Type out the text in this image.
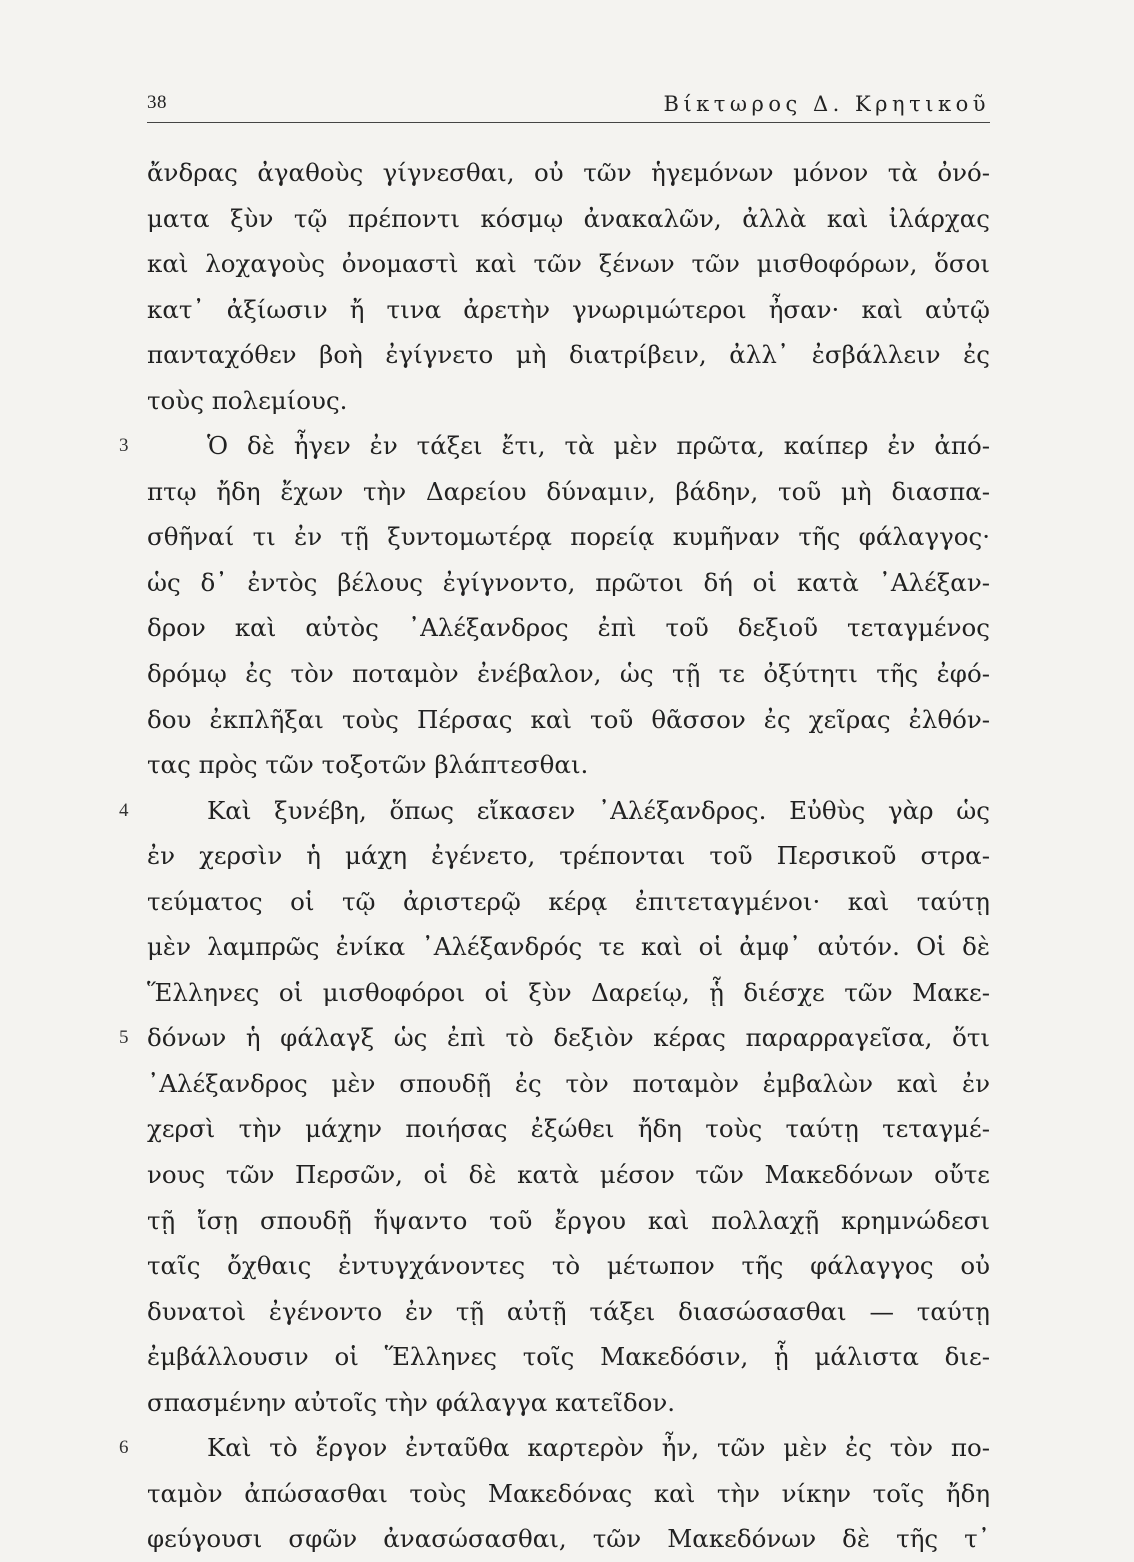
38	Βίκτωρος Δ. Κρητικοῦ
ἄνδρας ἀγαθοὺς γίγνεσθαι, οὐ τῶν ἡγεμόνων μόνον τὰ ὀνό-
ματα ξὺν τῷ πρέποντι κόσμῳ ἀνακαλῶν, ἀλλὰ καὶ ἰλάρχας
καὶ λοχαγοὺς ὀνομαστὶ καὶ τῶν ξένων τῶν μισθοφόρων, ὅσοι
κατ᾽ ἀξίωσιν ἤ τινα ἀρετὴν γνωριμώτεροι ἦσαν· καὶ αὐτῷ
πανταχόθεν βοὴ ἐγίγνετο μὴ διατρίβειν, ἀλλ᾽ ἐσβάλλειν ἐς
τοὺς πολεμίους.
3	Ὁ δὲ ἦγεν ἐν τάξει ἔτι, τὰ μὲν πρῶτα, καίπερ ἐν ἀπό-
πτῳ ἤδη ἔχων τὴν Δαρείου δύναμιν, βάδην, τοῦ μὴ διασπα-
σθῆναί τι ἐν τῇ ξυντομωτέρᾳ πορείᾳ κυμῆναν τῆς φάλαγγος·
ὡς δ᾽ ἐντὸς βέλους ἐγίγνοντο, πρῶτοι δή οἱ κατὰ ᾿Αλέξαν-
δρον καὶ αὐτὸς ᾿Αλέξανδρος ἐπὶ τοῦ δεξιοῦ τεταγμένος
δρόμῳ ἐς τὸν ποταμὸν ἐνέβαλον, ὡς τῇ τε ὀξύτητι τῆς ἐφό-
δου ἐκπλῆξαι τοὺς Πέρσας καὶ τοῦ θᾶσσον ἐς χεῖρας ἐλθόν-
τας πρὸς τῶν τοξοτῶν βλάπτεσθαι.
4	Καὶ ξυνέβη, ὅπως εἴκασεν ᾿Αλέξανδρος. Εὐθὺς γὰρ ὡς
ἐν χερσὶν ἡ μάχη ἐγένετο, τρέπονται τοῦ Περσικοῦ στρα-
τεύματος οἱ τῷ ἀριστερῷ κέρᾳ ἐπιτεταγμένοι· καὶ ταύτῃ
μὲν λαμπρῶς ἐνίκα ᾿Αλέξανδρός τε καὶ οἱ ἀμφ᾽ αὐτόν. Οἱ δὲ
Ἕλληνες οἱ μισθοφόροι οἱ ξὺν Δαρείῳ, ᾗ διέσχε τῶν Μακε-
5 δόνων ἡ φάλαγξ ὡς ἐπὶ τὸ δεξιὸν κέρας παραρραγεῖσα, ὅτι
᾿Αλέξανδρος μὲν σπουδῇ ἐς τὸν ποταμὸν ἐμβαλὼν καὶ ἐν
χερσὶ τὴν μάχην ποιήσας ἐξώθει ἤδη τοὺς ταύτῃ τεταγμέ-
νους τῶν Περσῶν, οἱ δὲ κατὰ μέσον τῶν Μακεδόνων οὔτε
τῇ ἴσῃ σπουδῇ ἥψαντο τοῦ ἔργου καὶ πολλαχῇ κρημνώδεσι
ταῖς ὄχθαις ἐντυγχάνοντες τὸ μέτωπον τῆς φάλαγγος οὐ
δυνατοὶ ἐγένοντο ἐν τῇ αὐτῇ τάξει διασώσασθαι — ταύτῃ
ἐμβάλλουσιν οἱ Ἕλληνες τοῖς Μακεδόσιν, ᾗ μάλιστα διε-
σπασμένην αὐτοῖς τὴν φάλαγγα κατεῖδον.
6	Καὶ τὸ ἔργον ἐνταῦθα καρτερὸν ἦν, τῶν μὲν ἐς τὸν πο-
ταμὸν ἀπώσασθαι τοὺς Μακεδόνας καὶ τὴν νίκην τοῖς ἤδη
φεύγουσι σφῶν ἀνασώσασθαι, τῶν Μακεδόνων δὲ τῆς τ᾽
